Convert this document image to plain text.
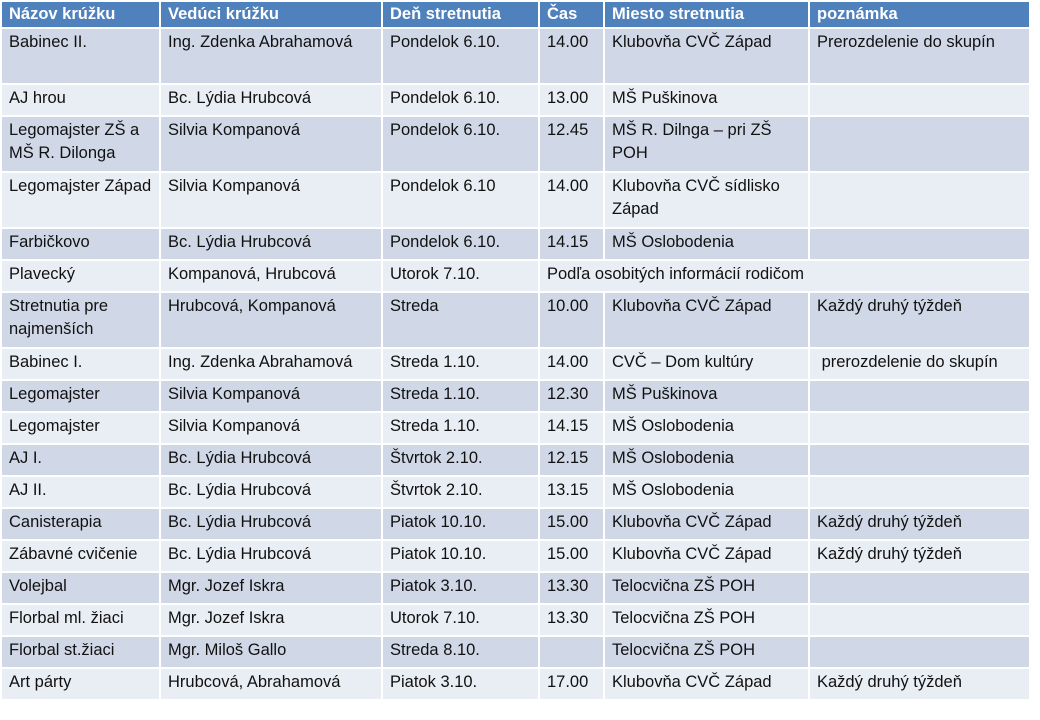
Názov krúžku	Vedúci krúžku	Deň stretnutia	Čas	Miesto stretnutia	poznámka
Babinec II.	Ing. Zdenka Abrahamová	Pondelok 6.10.	14.00	Klubovňa CVČ Západ	Prerozdelenie do skupín
AJ hrou	Bc. Lýdia Hrubcová	Pondelok 6.10.	13.00	MŠ Puškinova	
Legomajster ZŠ a MŠ R. Dilonga	Silvia Kompanová	Pondelok 6.10.	12.45	MŠ R. Dilnga – pri ZŠ POH	
Legomajster Západ	Silvia Kompanová	Pondelok 6.10	14.00	Klubovňa CVČ sídlisko Západ	
Farbičkovo	Bc. Lýdia Hrubcová	Pondelok 6.10.	14.15	MŠ Oslobodenia	
Plavecký	Kompanová, Hrubcová	Utorok 7.10.	Podľa osobitých informácií rodičom		
Stretnutia pre najmenších	Hrubcová, Kompanová	Streda	10.00	Klubovňa CVČ Západ	Každý druhý týždeň
Babinec I.	Ing. Zdenka Abrahamová	Streda 1.10.	14.00	CVČ – Dom kultúry	prerozdelenie do skupín
Legomajster	Silvia Kompanová	Streda 1.10.	12.30	MŠ Puškinova	
Legomajster	Silvia Kompanová	Streda 1.10.	14.15	MŠ Oslobodenia	
AJ I.	Bc. Lýdia Hrubcová	Štvrtok 2.10.	12.15	MŠ Oslobodenia	
AJ II.	Bc. Lýdia Hrubcová	Štvrtok 2.10.	13.15	MŠ Oslobodenia	
Canisterapia	Bc. Lýdia Hrubcová	Piatok 10.10.	15.00	Klubovňa CVČ Západ	Každý druhý týždeň
Zábavné cvičenie	Bc. Lýdia Hrubcová	Piatok 10.10.	15.00	Klubovňa CVČ Západ	Každý druhý týždeň
Volejbal	Mgr. Jozef Iskra	Piatok 3.10.	13.30	Telocvična ZŠ POH	
Florbal ml. žiaci	Mgr. Jozef Iskra	Utorok 7.10.	13.30	Telocvična ZŠ POH	
Florbal st.žiaci	Mgr. Miloš Gallo	Streda 8.10.		Telocvična ZŠ POH	
Art párty	Hrubcová, Abrahamová	Piatok 3.10.	17.00	Klubovňa CVČ Západ	Každý druhý týždeň
